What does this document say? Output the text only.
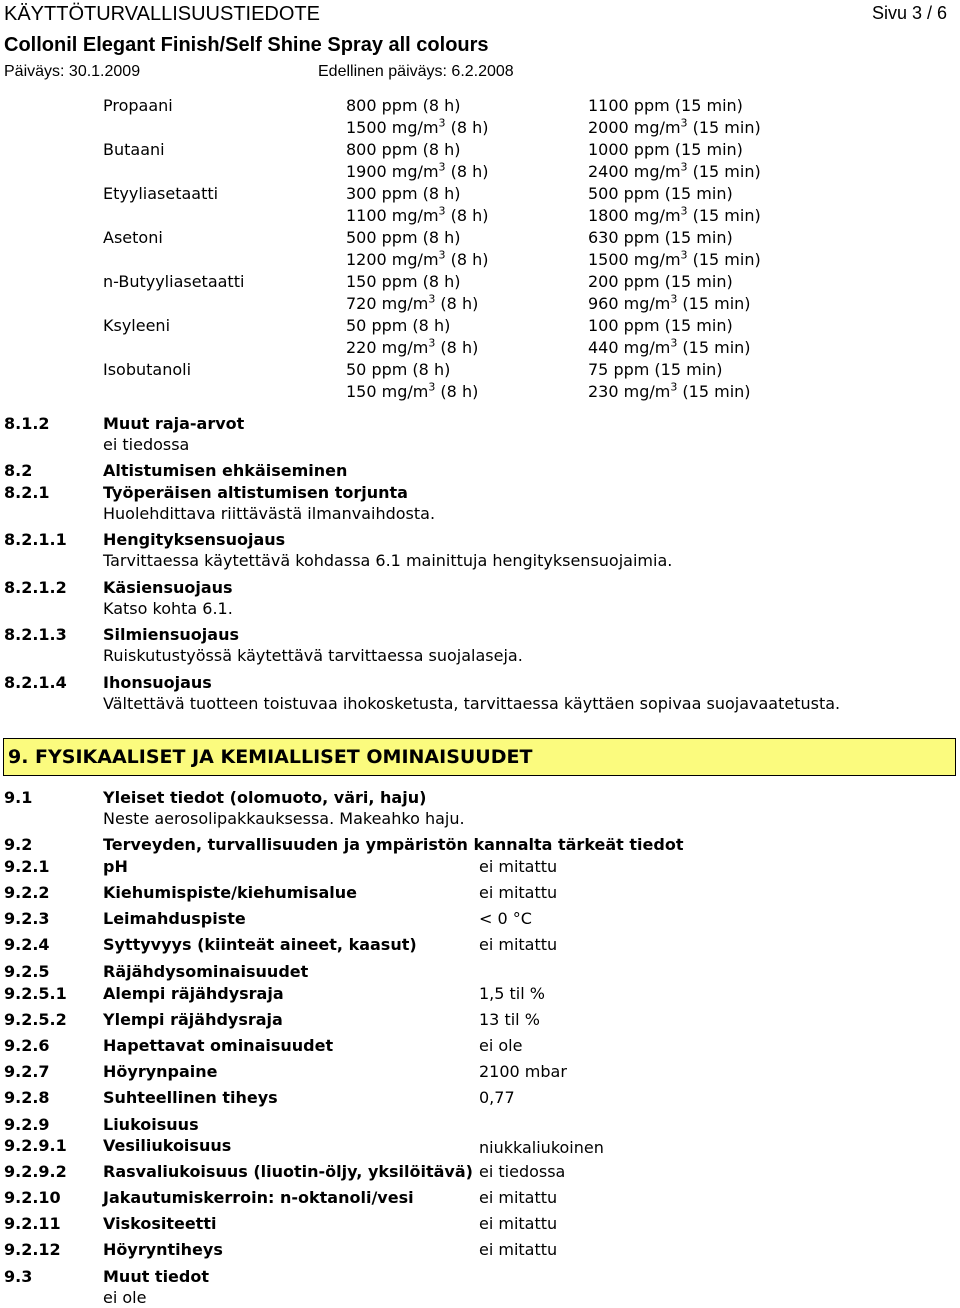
KÄYTTÖTURVALLISUUSTIEDOTE	Sivu 3 / 6
Collonil Elegant Finish/Self Shine Spray all colours
Päiväys: 30.1.2009	Edellinen päiväys: 6.2.2008
Propaani	800 ppm (8 h)	1100 ppm (15 min)
1500 $mg/m^3$ (8 h)	2000 $mg/m^3$ (15 min)
Butaani	800 ppm (8 h)	1000 ppm (15 min)
1900 $mg/m^3$ (8 h)	2400 $mg/m^3$ (15 min)
Etyyliasetaatti	300 ppm (8 h)	500 ppm (15 min)
1100 $mg/m^3$ (8 h)	1800 $mg/m^3$ (15 min)
Asetoni	500 ppm (8 h)	630 ppm (15 min)
1200 $mg/m^3$ (8 h)	1500 $mg/m^3$ (15 min)
n-Butyyliasetaatti	150 ppm (8 h)	200 ppm (15 min)
720 $mg/m^3$ (8 h)	960 $mg/m^3$ (15 min)
Ksyleeni	50 ppm (8 h)	100 ppm (15 min)
220 $mg/m^3$ (8 h)	440 $mg/m^3$ (15 min)
Isobutanoli	50 ppm (8 h)	75 ppm (15 min)
150 $mg/m^3$ (8 h)	230 $mg/m^3$ (15 min)
8.1.2	Muut raja-arvot
ei tiedossa
8.2	Altistumisen ehkäiseminen
8.2.1	Työperäisen altistumisen torjunta
Huolehdittava riittävästä ilmanvaihdosta.
8.2.1.1 Hengityksensuojaus
Tarvittaessa käytettävä kohdassa 6.1 mainittuja hengityksensuojaimia.
8.2.1.2 Käsiensuojaus
Katso kohta 6.1.
8.2.1.3 Silmiensuojaus
Ruiskutustyössä käytettävä tarvittaessa suojalaseja.
8.2.1.4 Ihonsuojaus
Vältettävä tuotteen toistuvaa ihokosketusta, tarvittaessa käyttäen sopivaa suojavaatetusta.
9. FYSIKAALISET JA KEMIALLISET OMINAISUUDET
9.1	Yleiset tiedot (olomuoto, väri, haju)
Neste aerosolipakkauksessa. Makeahko haju.
9.2	Terveyden, turvallisuuden ja ympäristön kannalta tärkeät tiedot
9.2.1	pH	ei mitattu
9.2.2	Kiehumispiste/kiehumisalue	ei mitattu
9.2.3	Leimahduspiste	< 0 °C
9.2.4	Syttyvyys (kiinteät aineet, kaasut)	ei mitattu
9.2.5	Räjähdysominaisuudet
9.2.5.1 Alempi räjähdysraja	1,5 til %
9.2.5.2 Ylempi räjähdysraja	13 til %
9.2.6	Hapettavat ominaisuudet	ei ole
9.2.7	Höyrynpaine	2100 mbar
9.2.8	Suhteellinen tiheys	0,77
9.2.9	Liukoisuus
9.2.9.1 Vesiliukoisuus	niukkaliukoinen
9.2.9.2 Rasvaliukoisuus (liuotin-öljy, yksilöitävä) ei tiedossa
9.2.10	Jakautumiskerroin: n-oktanoli/vesi	ei mitattu
9.2.11	Viskositeetti	ei mitattu
9.2.12	Höyryntiheys	ei mitattu
9.3	Muut tiedot
ei ole
